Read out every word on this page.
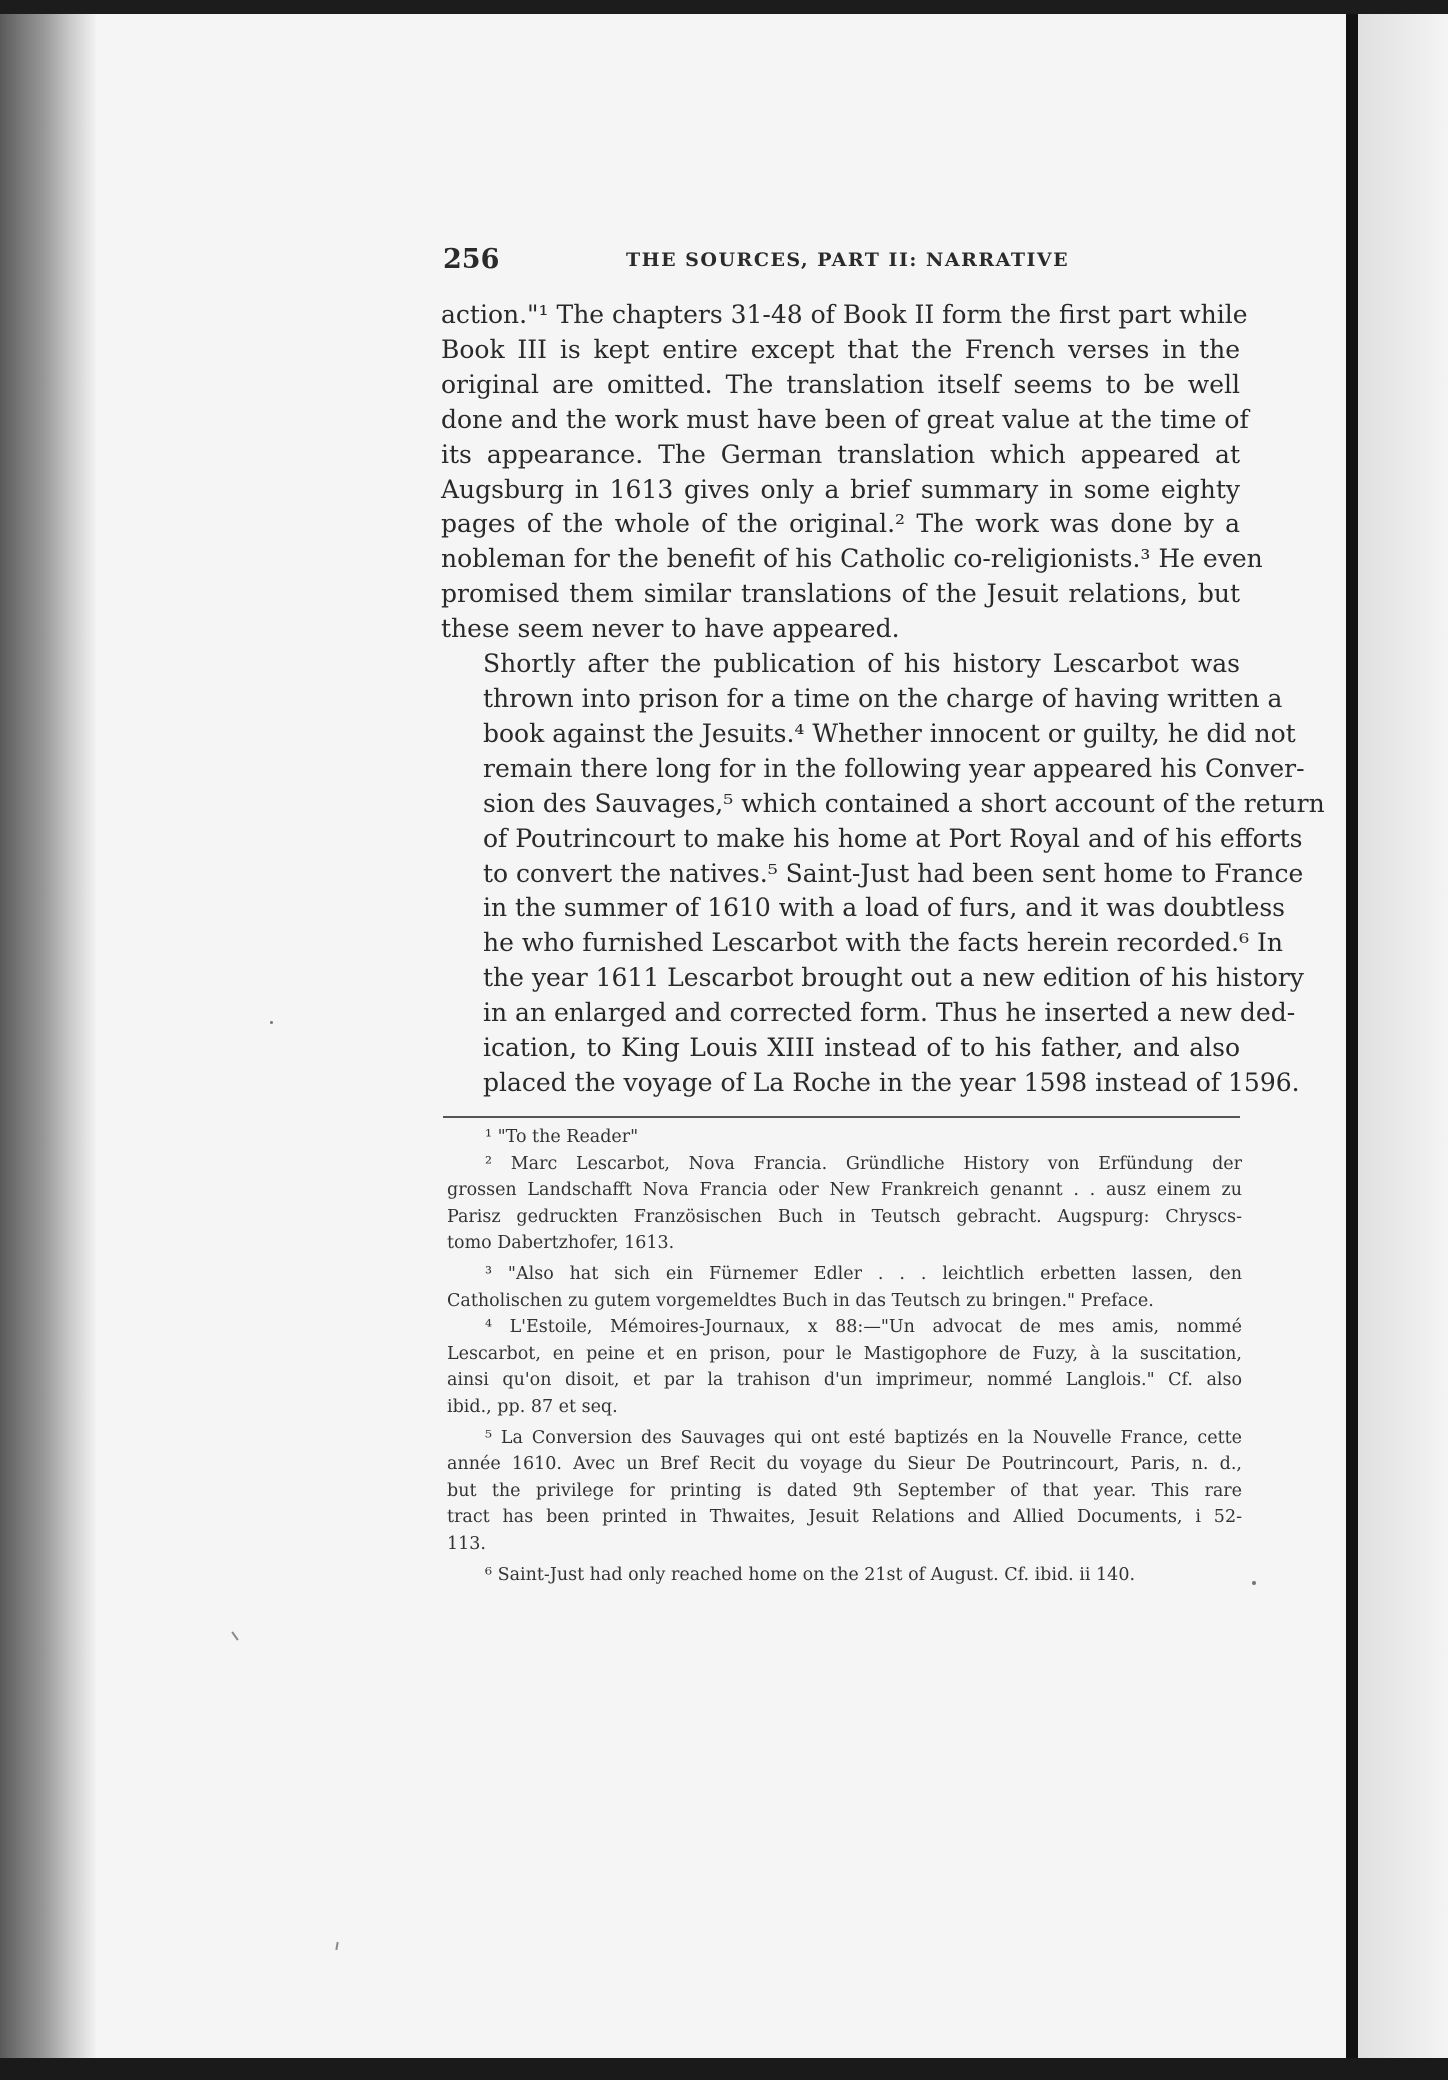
256	THE SOURCES, PART II: NARRATIVE

action."¹ The chapters 31-48 of Book II form the first part while
Book III is kept entire except that the French verses in the
original are omitted. The translation itself seems to be well
done and the work must have been of great value at the time of
its appearance. The German translation which appeared at
Augsburg in 1613 gives only a brief summary in some eighty
pages of the whole of the original.² The work was done by a
nobleman for the benefit of his Catholic co-religionists.³ He even
promised them similar translations of the Jesuit relations, but
these seem never to have appeared.

Shortly after the publication of his history Lescarbot was
thrown into prison for a time on the charge of having written a
book against the Jesuits.⁴ Whether innocent or guilty, he did not
remain there long for in the following year appeared his Conver-
sion des Sauvages,⁵ which contained a short account of the return
of Poutrincourt to make his home at Port Royal and of his efforts
to convert the natives.⁵ Saint-Just had been sent home to France
in the summer of 1610 with a load of furs, and it was doubtless
he who furnished Lescarbot with the facts herein recorded.⁶ In
the year 1611 Lescarbot brought out a new edition of his history
in an enlarged and corrected form. Thus he inserted a new ded-
ication, to King Louis XIII instead of to his father, and also
placed the voyage of La Roche in the year 1598 instead of 1596.

¹ "To the Reader"

² Marc Lescarbot, Nova Francia. Gründliche History von Erfündung der
grossen Landschafft Nova Francia oder New Frankreich genannt . . ausz einem zu
Parisz gedruckten Französischen Buch in Teutsch gebracht. Augspurg: Chryscs-
tomo Dabertzhofer, 1613.

³ "Also hat sich ein Fürnemer Edler . . . leichtlich erbetten lassen, den
Catholischen zu gutem vorgemeldtes Buch in das Teutsch zu bringen." Preface.

⁴ L'Estoile, Mémoires-Journaux, x 88:—"Un advocat de mes amis, nommé
Lescarbot, en peine et en prison, pour le Mastigophore de Fuzy, à la suscitation,
ainsi qu'on disoit, et par la trahison d'un imprimeur, nommé Langlois." Cf. also
ibid., pp. 87 et seq.

⁵ La Conversion des Sauvages qui ont esté baptizés en la Nouvelle France, cette
année 1610. Avec un Bref Recit du voyage du Sieur De Poutrincourt, Paris, n. d.,
but the privilege for printing is dated 9th September of that year. This rare
tract has been printed in Thwaites, Jesuit Relations and Allied Documents, i 52-
113.

⁶ Saint-Just had only reached home on the 21st of August. Cf. ibid. ii 140.
